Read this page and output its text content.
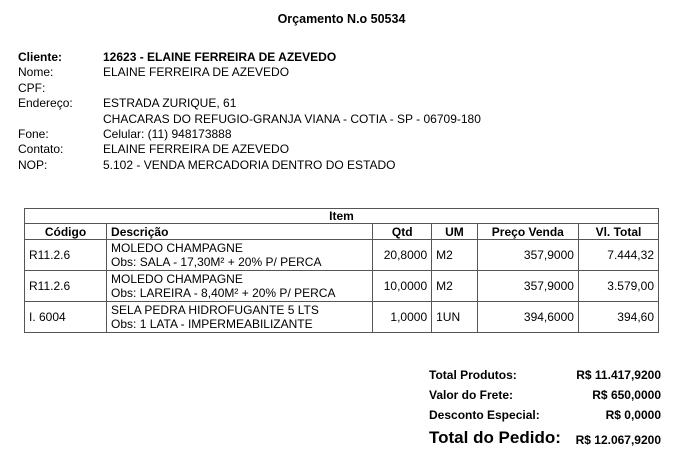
Orçamento N.o 50534
Cliente:	12623 - ELAINE FERREIRA DE AZEVEDO
Nome:	ELAINE FERREIRA DE AZEVEDO
CPF:
Endereço:	ESTRADA ZURIQUE, 61
CHACARAS DO REFUGIO-GRANJA VIANA - COTIA - SP - 06709-180
Fone:	Celular: (11) 948173888
Contato:	ELAINE FERREIRA DE AZEVEDO
NOP:	5.102 - VENDA MERCADORIA DENTRO DO ESTADO
Item					
Código	Descrição	Qtd	UM	Preço Venda	Vl. Total
R11.2.6	MOLEDO CHAMPAGNE
Obs: SALA - 17,30M² + 20% P/ PERCA	20,8000	M2	357,9000	7.444,32
R11.2.6	MOLEDO CHAMPAGNE
Obs: LAREIRA - 8,40M² + 20% P/ PERCA	10,0000	M2	357,9000	3.579,00
I. 6004	SELA PEDRA HIDROFUGANTE 5 LTS
Obs: 1 LATA - IMPERMEABILIZANTE	1,0000	1UN	394,6000	394,60
Total Produtos:	R$ 11.417,9200
Valor do Frete:	R$ 650,0000
Desconto Especial:	R$ 0,0000
Total do Pedido: R$ 12.067,9200
